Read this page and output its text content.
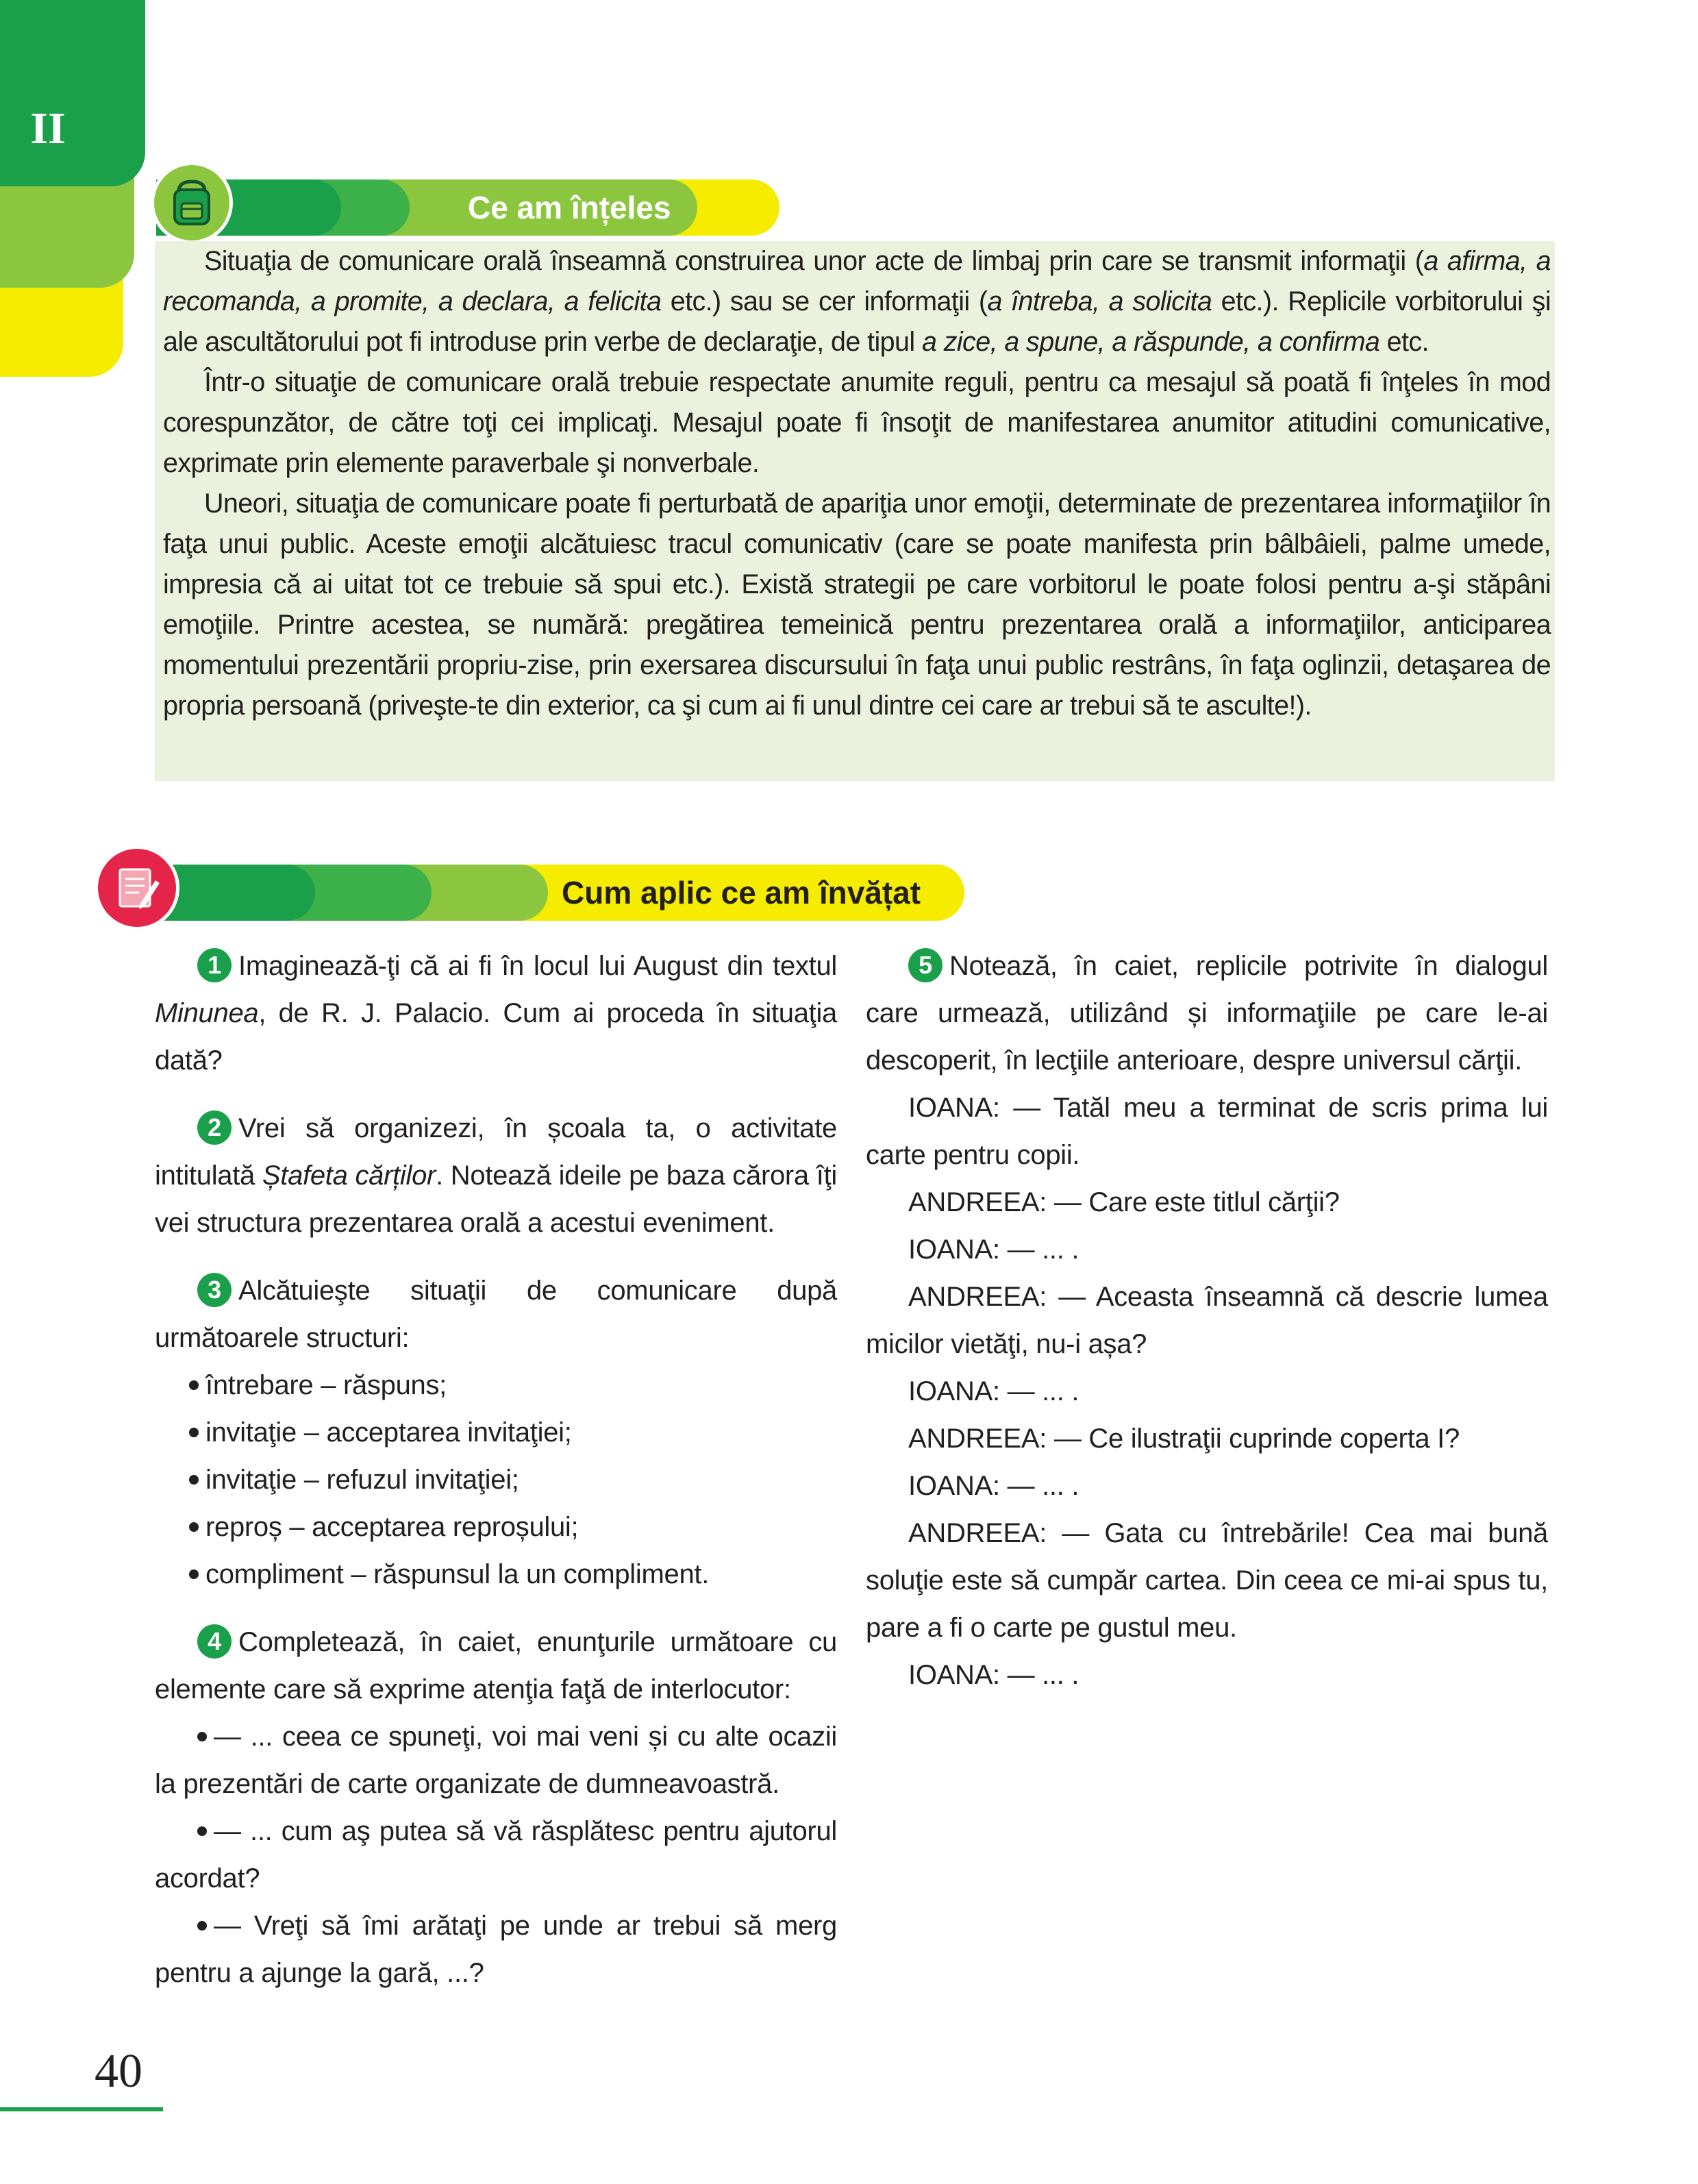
II
Ce am înțeles

Situaţia de comunicare orală înseamnă construirea unor acte de limbaj prin care se transmit informaţii (a afirma, a recomanda, a promite, a declara, a felicita etc.) sau se cer informaţii (a întreba, a solicita etc.). Replicile vorbitorului şi ale ascultătorului pot fi introduse prin verbe de declaraţie, de tipul a zice, a spune, a răspunde, a confirma etc.

Într-o situaţie de comunicare orală trebuie respectate anumite reguli, pentru ca mesajul să poată fi înţeles în mod corespunzător, de către toţi cei implicaţi. Mesajul poate fi însoţit de manifestarea anumitor atitudini comunicative, exprimate prin elemente paraverbale şi nonverbale.

Uneori, situaţia de comunicare poate fi perturbată de apariţia unor emoţii, determinate de prezentarea informaţiilor în faţa unui public. Aceste emoţii alcătuiesc tracul comunicativ (care se poate manifesta prin bâlbâieli, palme umede, impresia că ai uitat tot ce trebuie să spui etc.). Există strategii pe care vorbitorul le poate folosi pentru a-şi stăpâni emoţiile. Printre acestea, se numără: pregătirea temeinică pentru prezentarea orală a informaţiilor, anticiparea momentului prezentării propriu-zise, prin exersarea discursului în faţa unui public restrâns, în faţa oglinzii, detaşarea de propria persoană (priveşte-te din exterior, ca şi cum ai fi unul dintre cei care ar trebui să te asculte!).

Cum aplic ce am învățat

1 Imaginează-ţi că ai fi în locul lui August din textul Minunea, de R. J. Palacio. Cum ai proceda în situaţia dată?

2 Vrei să organizezi, în școala ta, o activitate intitulată Ștafeta cărților. Notează ideile pe baza cărora îţi vei structura prezentarea orală a acestui eveniment.

3 Alcătuieşte situaţii de comunicare după următoarele structuri:

întrebare – răspuns;

invitaţie – acceptarea invitaţiei;

invitaţie – refuzul invitaţiei;

reproș – acceptarea reproșului;

compliment – răspunsul la un compliment.

4 Completează, în caiet, enunţurile următoare cu elemente care să exprime atenţia faţă de interlocutor:

— ... ceea ce spuneţi, voi mai veni și cu alte ocazii la prezentări de carte organizate de dumneavoastră.

— ... cum aş putea să vă răsplătesc pentru ajutorul acordat?

— Vreţi să îmi arătaţi pe unde ar trebui să merg pentru a ajunge la gară, ...?

5 Notează, în caiet, replicile potrivite în dialogul care urmează, utilizând și informaţiile pe care le-ai descoperit, în lecţiile anterioare, despre universul cărţii.

IOANA: — Tatăl meu a terminat de scris prima lui carte pentru copii.

ANDREEA: — Care este titlul cărţii?

IOANA: — ... .

ANDREEA: — Aceasta înseamnă că descrie lumea micilor vietăţi, nu-i așa?

IOANA: — ... .

ANDREEA: — Ce ilustraţii cuprinde coperta I?

IOANA: — ... .

ANDREEA: — Gata cu întrebările! Cea mai bună soluţie este să cumpăr cartea. Din ceea ce mi-ai spus tu, pare a fi o carte pe gustul meu.

IOANA: — ... .

40
